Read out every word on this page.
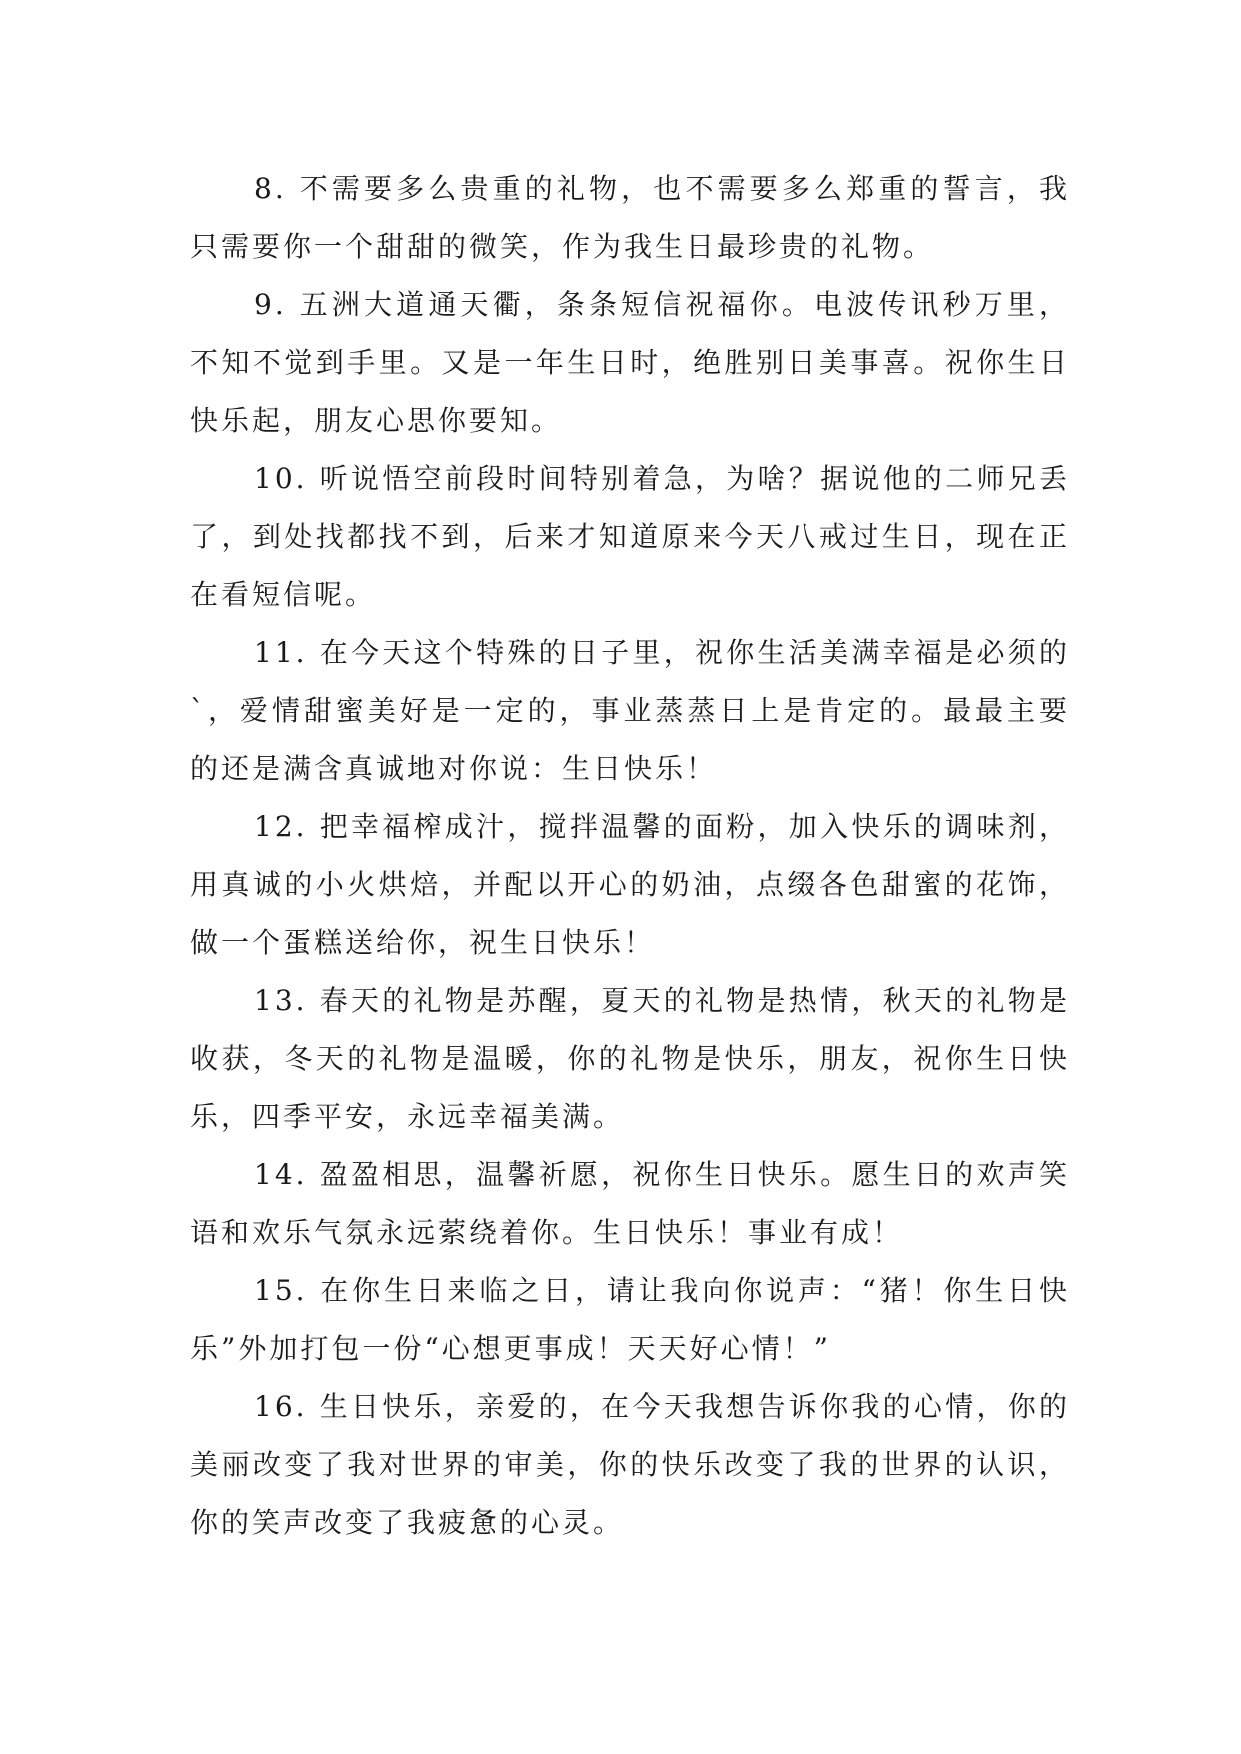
8. 不需要多么贵重的礼物，也不需要多么郑重的誓言，我只需要你一个甜甜的微笑，作为我生日最珍贵的礼物。

9. 五洲大道通天衢，条条短信祝福你。电波传讯秒万里，不知不觉到手里。又是一年生日时，绝胜别日美事喜。祝你生日快乐起，朋友心思你要知。

10. 听说悟空前段时间特别着急，为啥？据说他的二师兄丢了，到处找都找不到，后来才知道原来今天八戒过生日，现在正在看短信呢。

11. 在今天这个特殊的日子里，祝你生活美满幸福是必须的`，爱情甜蜜美好是一定的，事业蒸蒸日上是肯定的。最最主要的还是满含真诚地对你说：生日快乐！

12. 把幸福榨成汁，搅拌温馨的面粉，加入快乐的调味剂，用真诚的小火烘焙，并配以开心的奶油，点缀各色甜蜜的花饰，做一个蛋糕送给你，祝生日快乐！

13. 春天的礼物是苏醒，夏天的礼物是热情，秋天的礼物是收获，冬天的礼物是温暖，你的礼物是快乐，朋友，祝你生日快乐，四季平安，永远幸福美满。

14. 盈盈相思，温馨祈愿，祝你生日快乐。愿生日的欢声笑语和欢乐气氛永远萦绕着你。生日快乐！事业有成！

15. 在你生日来临之日，请让我向你说声：“猪！你生日快乐”外加打包一份“心想更事成！天天好心情！”

16. 生日快乐，亲爱的，在今天我想告诉你我的心情，你的美丽改变了我对世界的审美，你的快乐改变了我的世界的认识，你的笑声改变了我疲惫的心灵。
